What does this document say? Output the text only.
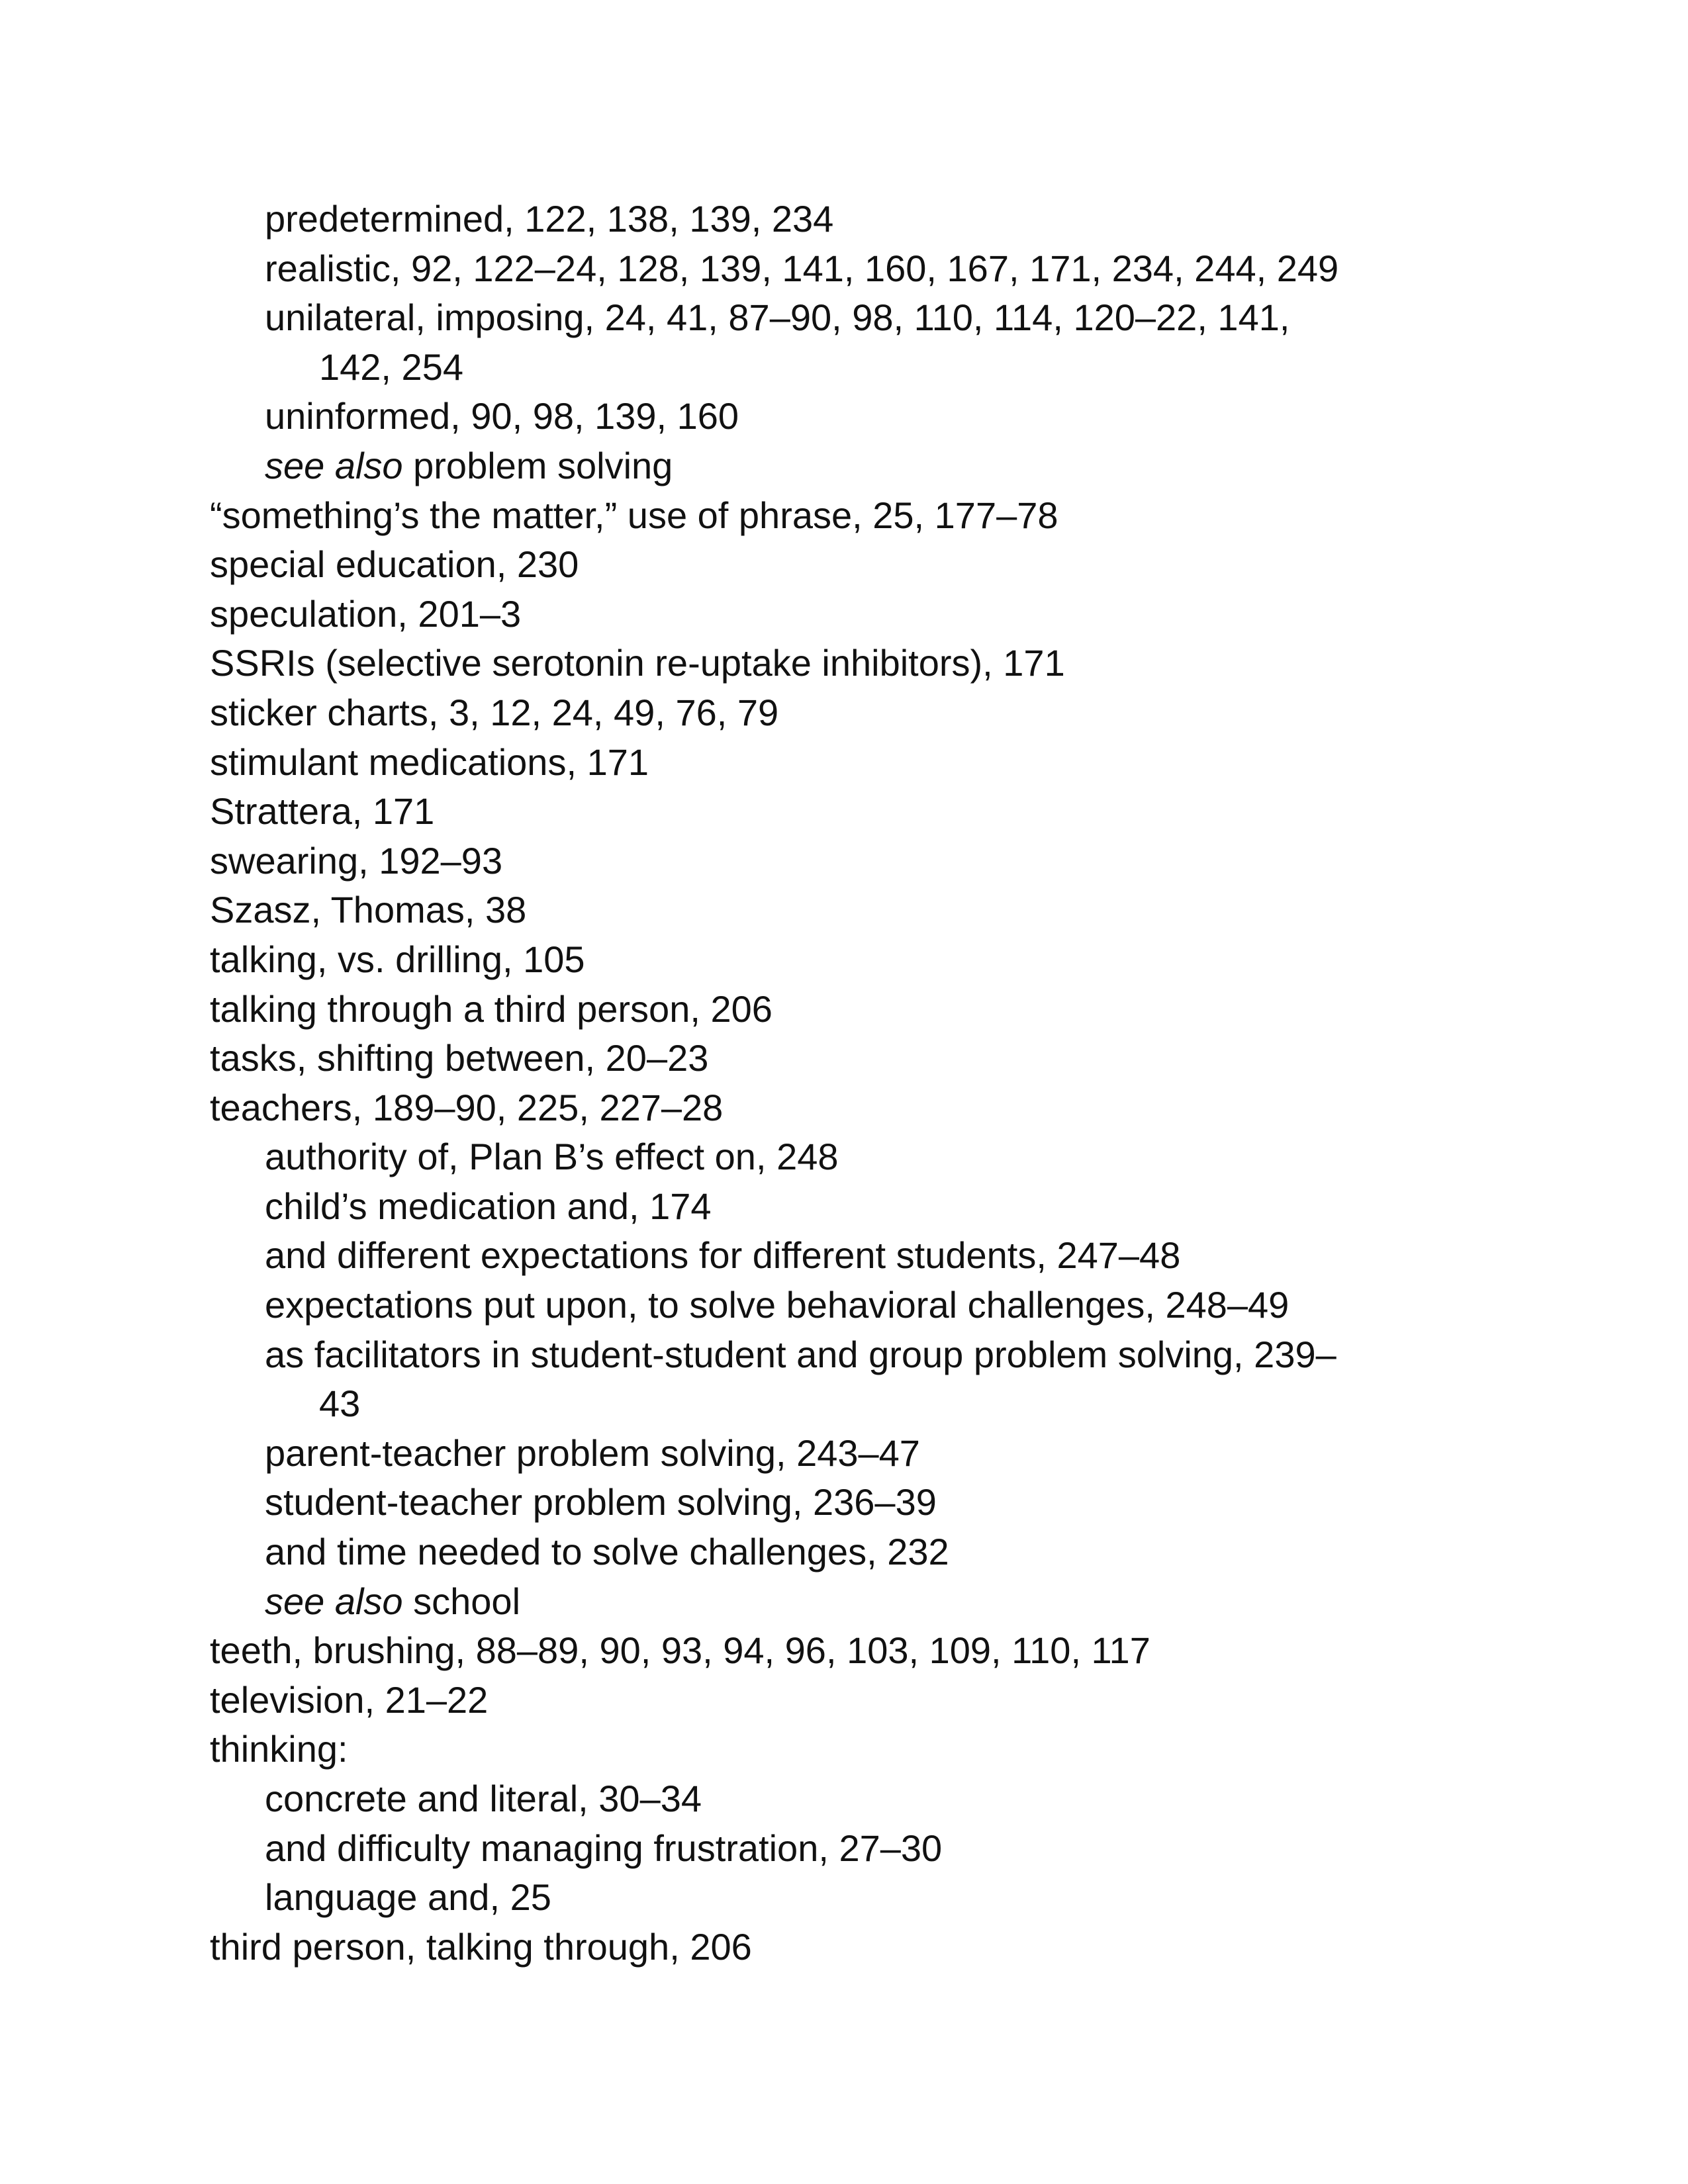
predetermined, 122, 138, 139, 234
realistic, 92, 122–24, 128, 139, 141, 160, 167, 171, 234, 244, 249
unilateral, imposing, 24, 41, 87–90, 98, 110, 114, 120–22, 141,
142, 254
uninformed, 90, 98, 139, 160
see also problem solving
“something’s the matter,” use of phrase, 25, 177–78
special education, 230
speculation, 201–3
SSRIs (selective serotonin re-uptake inhibitors), 171
sticker charts, 3, 12, 24, 49, 76, 79
stimulant medications, 171
Strattera, 171
swearing, 192–93
Szasz, Thomas, 38
talking, vs. drilling, 105
talking through a third person, 206
tasks, shifting between, 20–23
teachers, 189–90, 225, 227–28
authority of, Plan B’s effect on, 248
child’s medication and, 174
and different expectations for different students, 247–48
expectations put upon, to solve behavioral challenges, 248–49
as facilitators in student-student and group problem solving, 239–
43
parent-teacher problem solving, 243–47
student-teacher problem solving, 236–39
and time needed to solve challenges, 232
see also school
teeth, brushing, 88–89, 90, 93, 94, 96, 103, 109, 110, 117
television, 21–22
thinking:
concrete and literal, 30–34
and difficulty managing frustration, 27–30
language and, 25
third person, talking through, 206
